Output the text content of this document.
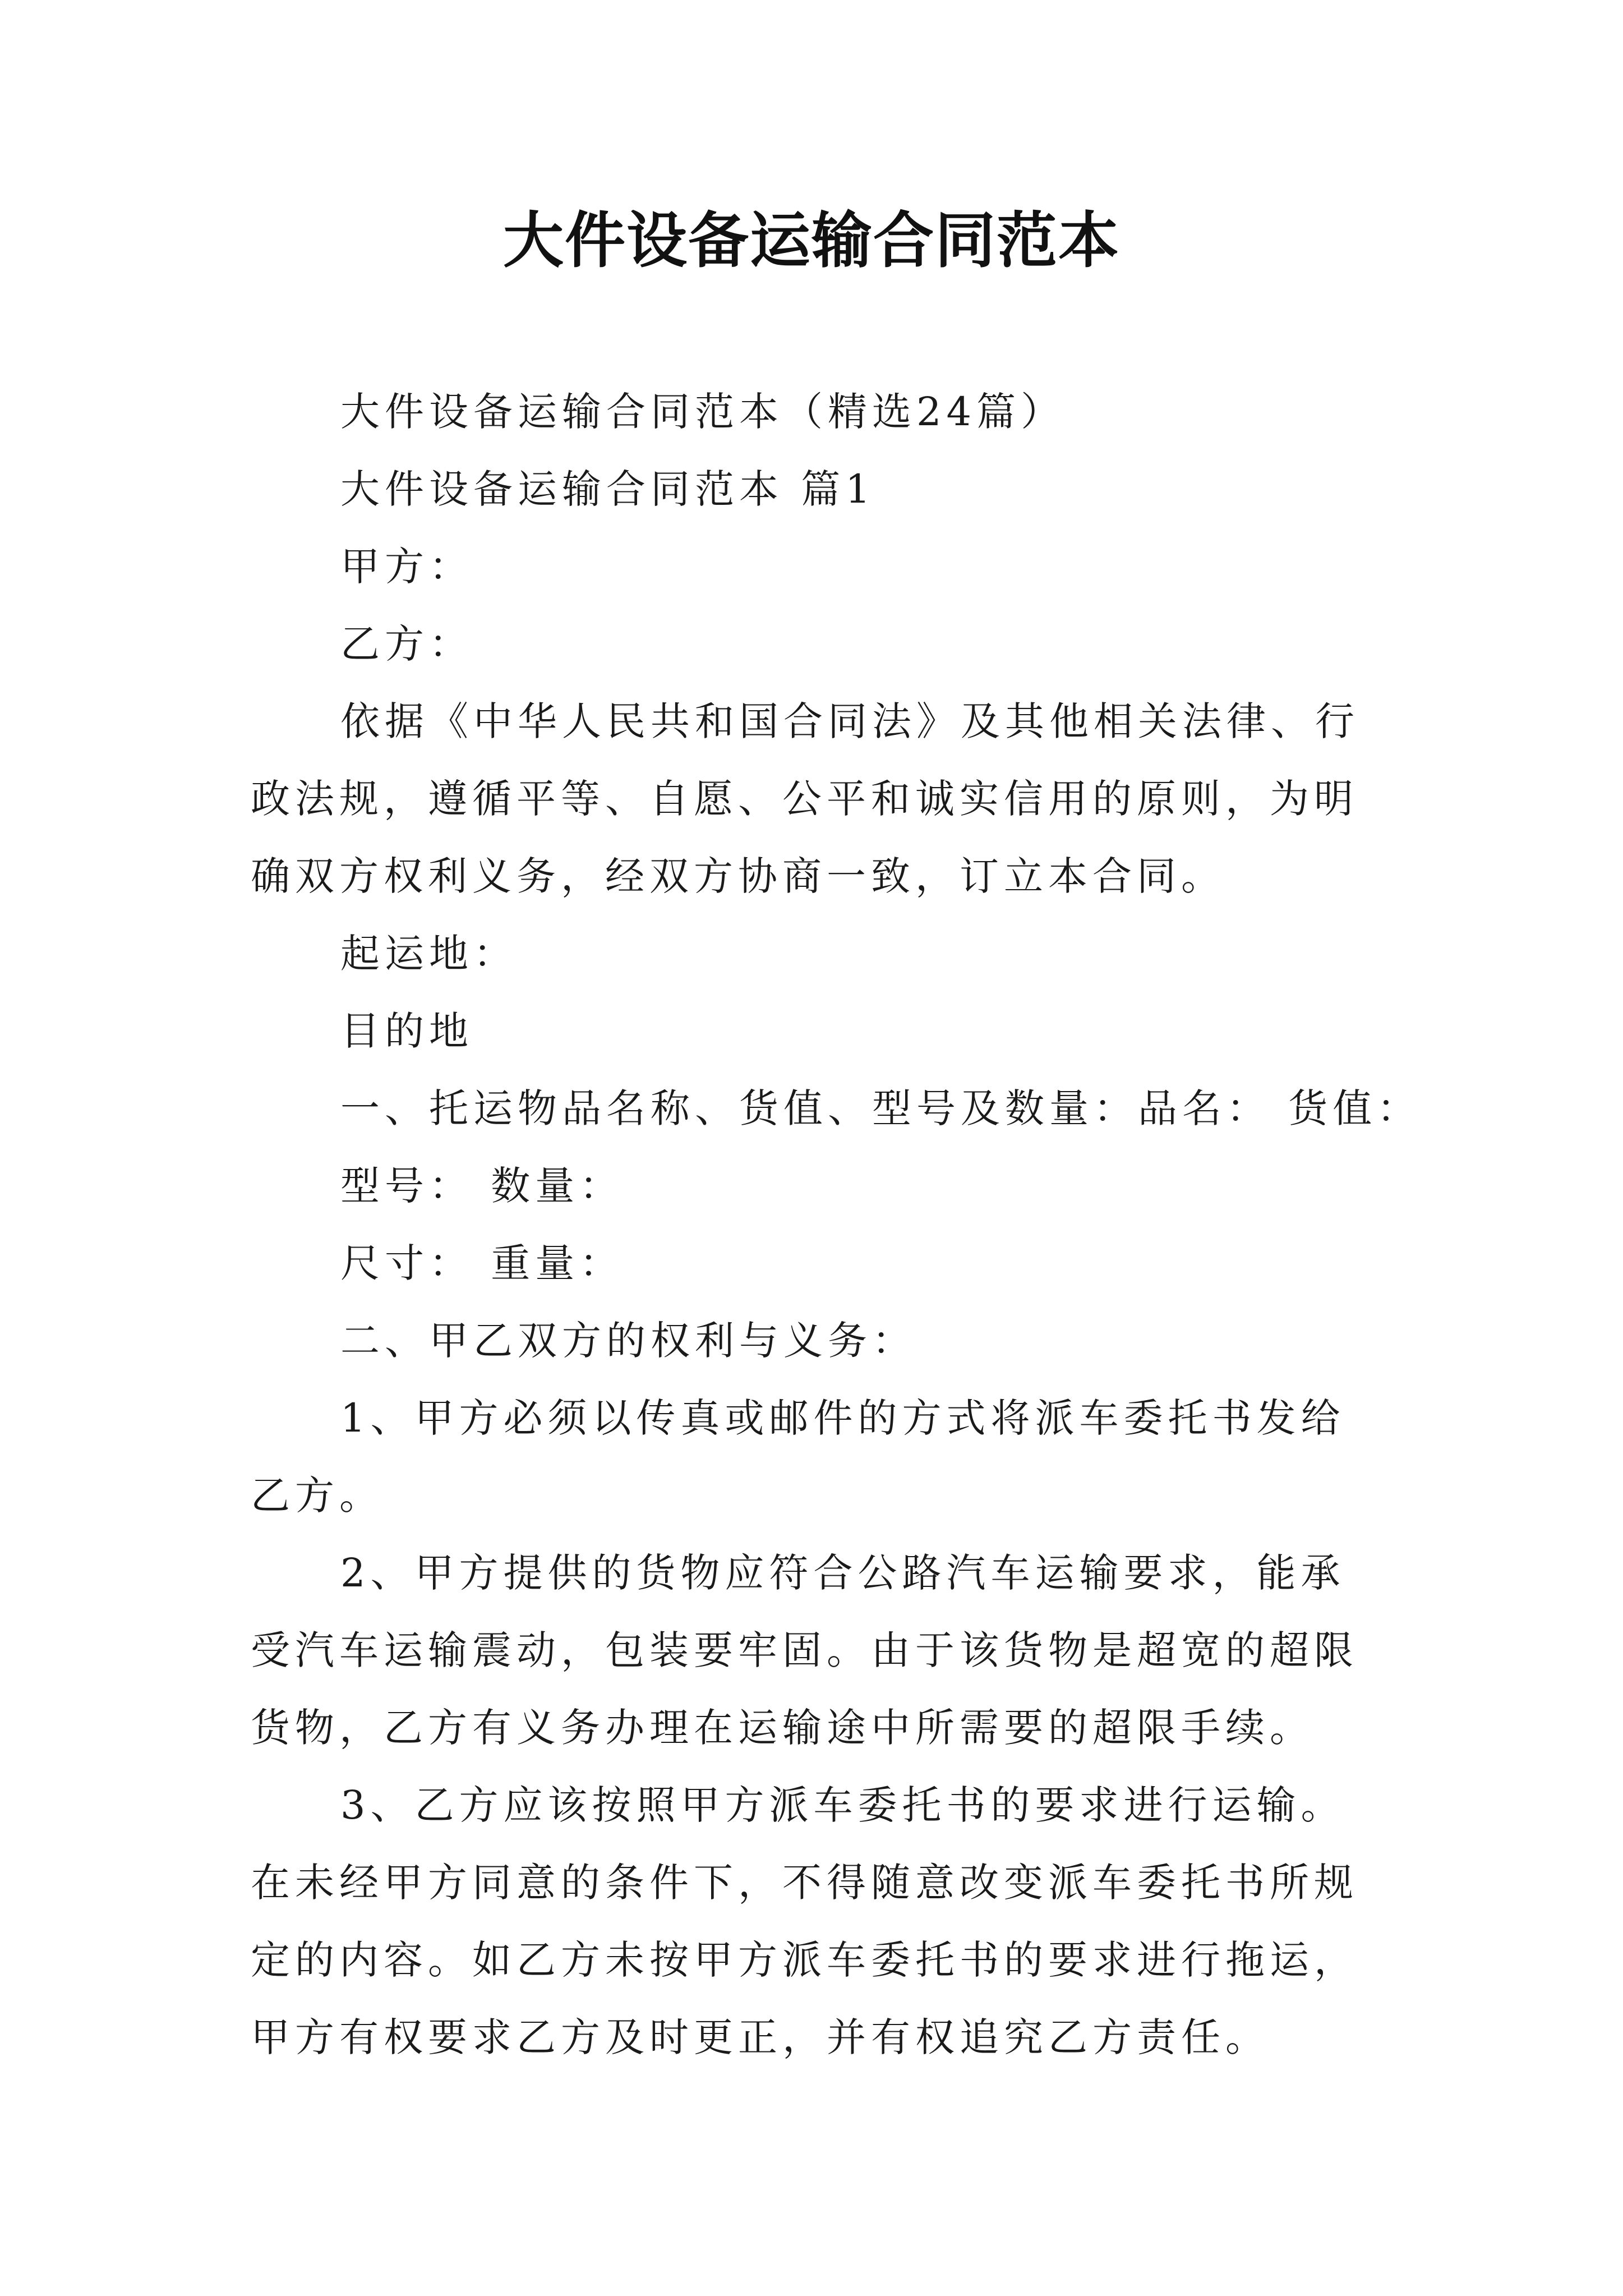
大件设备运输合同范本

大件设备运输合同范本（精选24篇）

大件设备运输合同范本 篇1

甲方：

乙方：

依据《中华人民共和国合同法》及其他相关法律、行政法规，遵循平等、自愿、公平和诚实信用的原则，为明确双方权利义务，经双方协商一致，订立本合同。

起运地：

目的地

一、托运物品名称、货值、型号及数量：品名： 货值：

型号： 数量：

尺寸： 重量：

二、甲乙双方的权利与义务：

1、甲方必须以传真或邮件的方式将派车委托书发给乙方。

2、甲方提供的货物应符合公路汽车运输要求，能承受汽车运输震动，包装要牢固。由于该货物是超宽的超限货物，乙方有义务办理在运输途中所需要的超限手续。

3、乙方应该按照甲方派车委托书的要求进行运输。在未经甲方同意的条件下，不得随意改变派车委托书所规定的内容。如乙方未按甲方派车委托书的要求进行拖运，甲方有权要求乙方及时更正，并有权追究乙方责任。
